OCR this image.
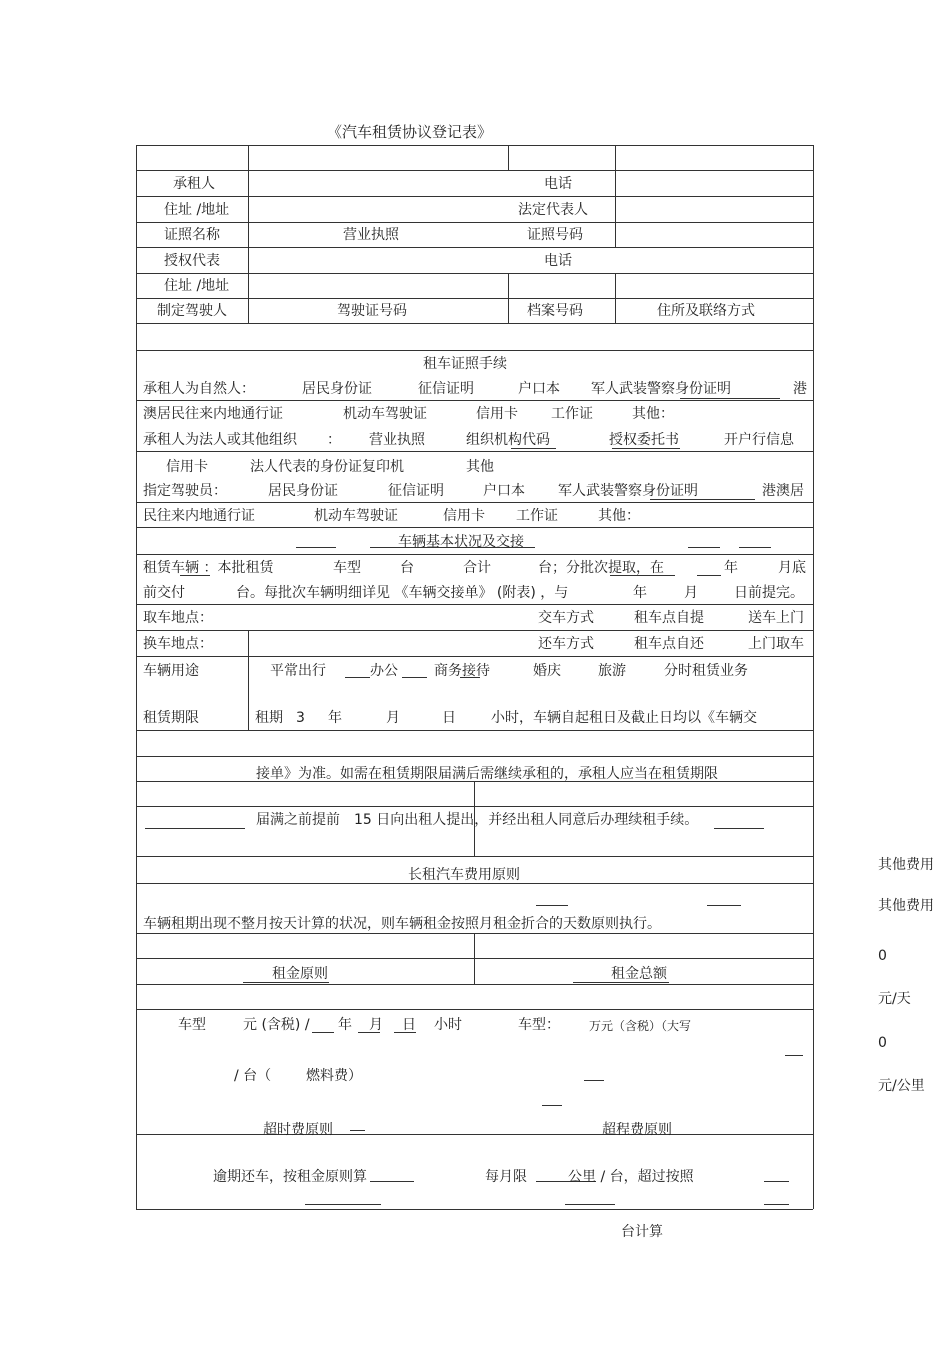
《汽车租赁协议登记表》
承租人	电话
住址 /地址	法定代表人
证照名称	营业执照	证照号码
授权代表	电话
住址 /地址
制定驾驶人	驾驶证号码	档案号码	住所及联络方式
租车证照手续
承租人为自然人：	居民身份证	征信证明	户口本 军人武装警察身份证明	港
澳居民往来内地通行证	机动车驾驶证	信用卡 工作证	其他：
承租人为法人或其他组织 ： 营业执照	组织机构代码	授权委托书	开户行信息
信用卡	法人代表的身份证复印机	其他
指定驾驶员：	居民身份证	征信证明	户口本 军人武装警察身份证明	港澳居
民往来内地通行证	机动车驾驶证	信用卡 工作证	其他：
车辆基本状况及交接
租赁车辆 ：本批租赁	车型	台	合计	台；分批次提取，在	年	月底
前交付	台。每批次车辆明细详见 《车辆交接单》 (附表) ，与	年	月	日前提完。
取车地点：	交车方式	租车点自提	送车上门
换车地点：	还车方式	租车点自还	上门取车
车辆用途	平常出行	办公	商务接待	婚庆	旅游	分时租赁业务
租赁期限	租期 3 年	月	日	小时，车辆自起租日及截止日均以《车辆交
接单》为准。如需在租赁期限届满后需继续承租的，承租人应当在租赁期限
届满之前提前　15 日向出租人提出，并经出租人同意后办理续租手续。
长租汽车费用原则
车辆租期出现不整月按天计算的状况，则车辆租金按照月租金折合的天数原则执行。
租金原则	租金总额
车型	元 (含税) / 年 月 日 小时	车型： 万元（含税）（大写
/ 台（ 燃料费）
超时费原则	超程费原则
逾期还车，按租金原则算	每月限	公里 / 台，超过按照
台计算
其他费用
其他费用
0
元/天
0
元/公里
